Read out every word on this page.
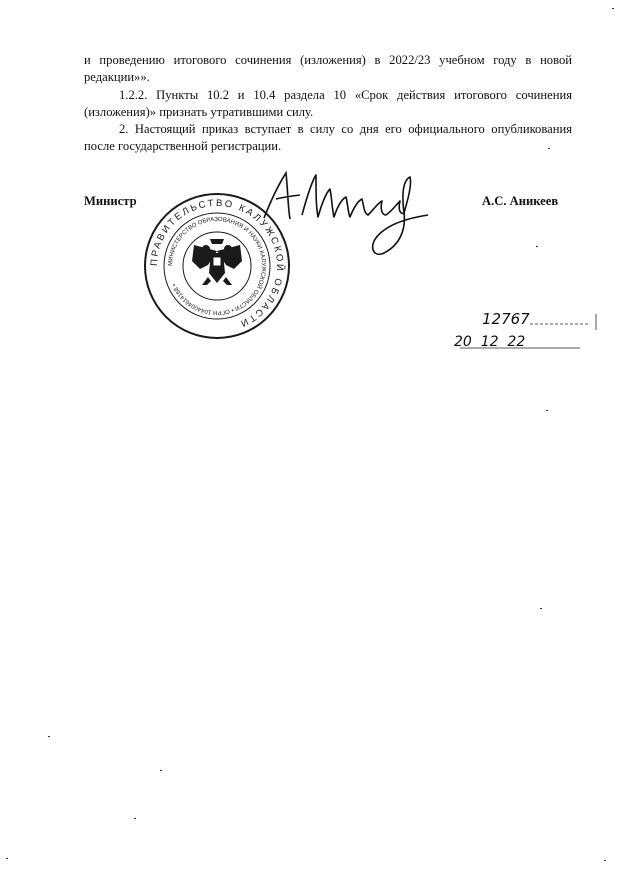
и проведению итогового сочинения (изложения) в 2022/23 учебном году в новой редакции»».
1.2.2. Пункты 10.2 и 10.4 раздела 10 «Срок действия итогового сочинения (изложения)» признать утратившими силу.
2. Настоящий приказ вступает в силу со дня его официального опубликования после государственной регистрации.
Министр	А.С. Аникеев
ПРАВИТЕЛЬСТВО КАЛУЖСКОЙ ОБЛАСТИ
МИНИСТЕРСТВО ОБРАЗОВАНИЯ И НАУКИ КАЛУЖСКОЙ ОБЛАСТИ • ОГРН 1044004614168 •
12767
20  12  22
